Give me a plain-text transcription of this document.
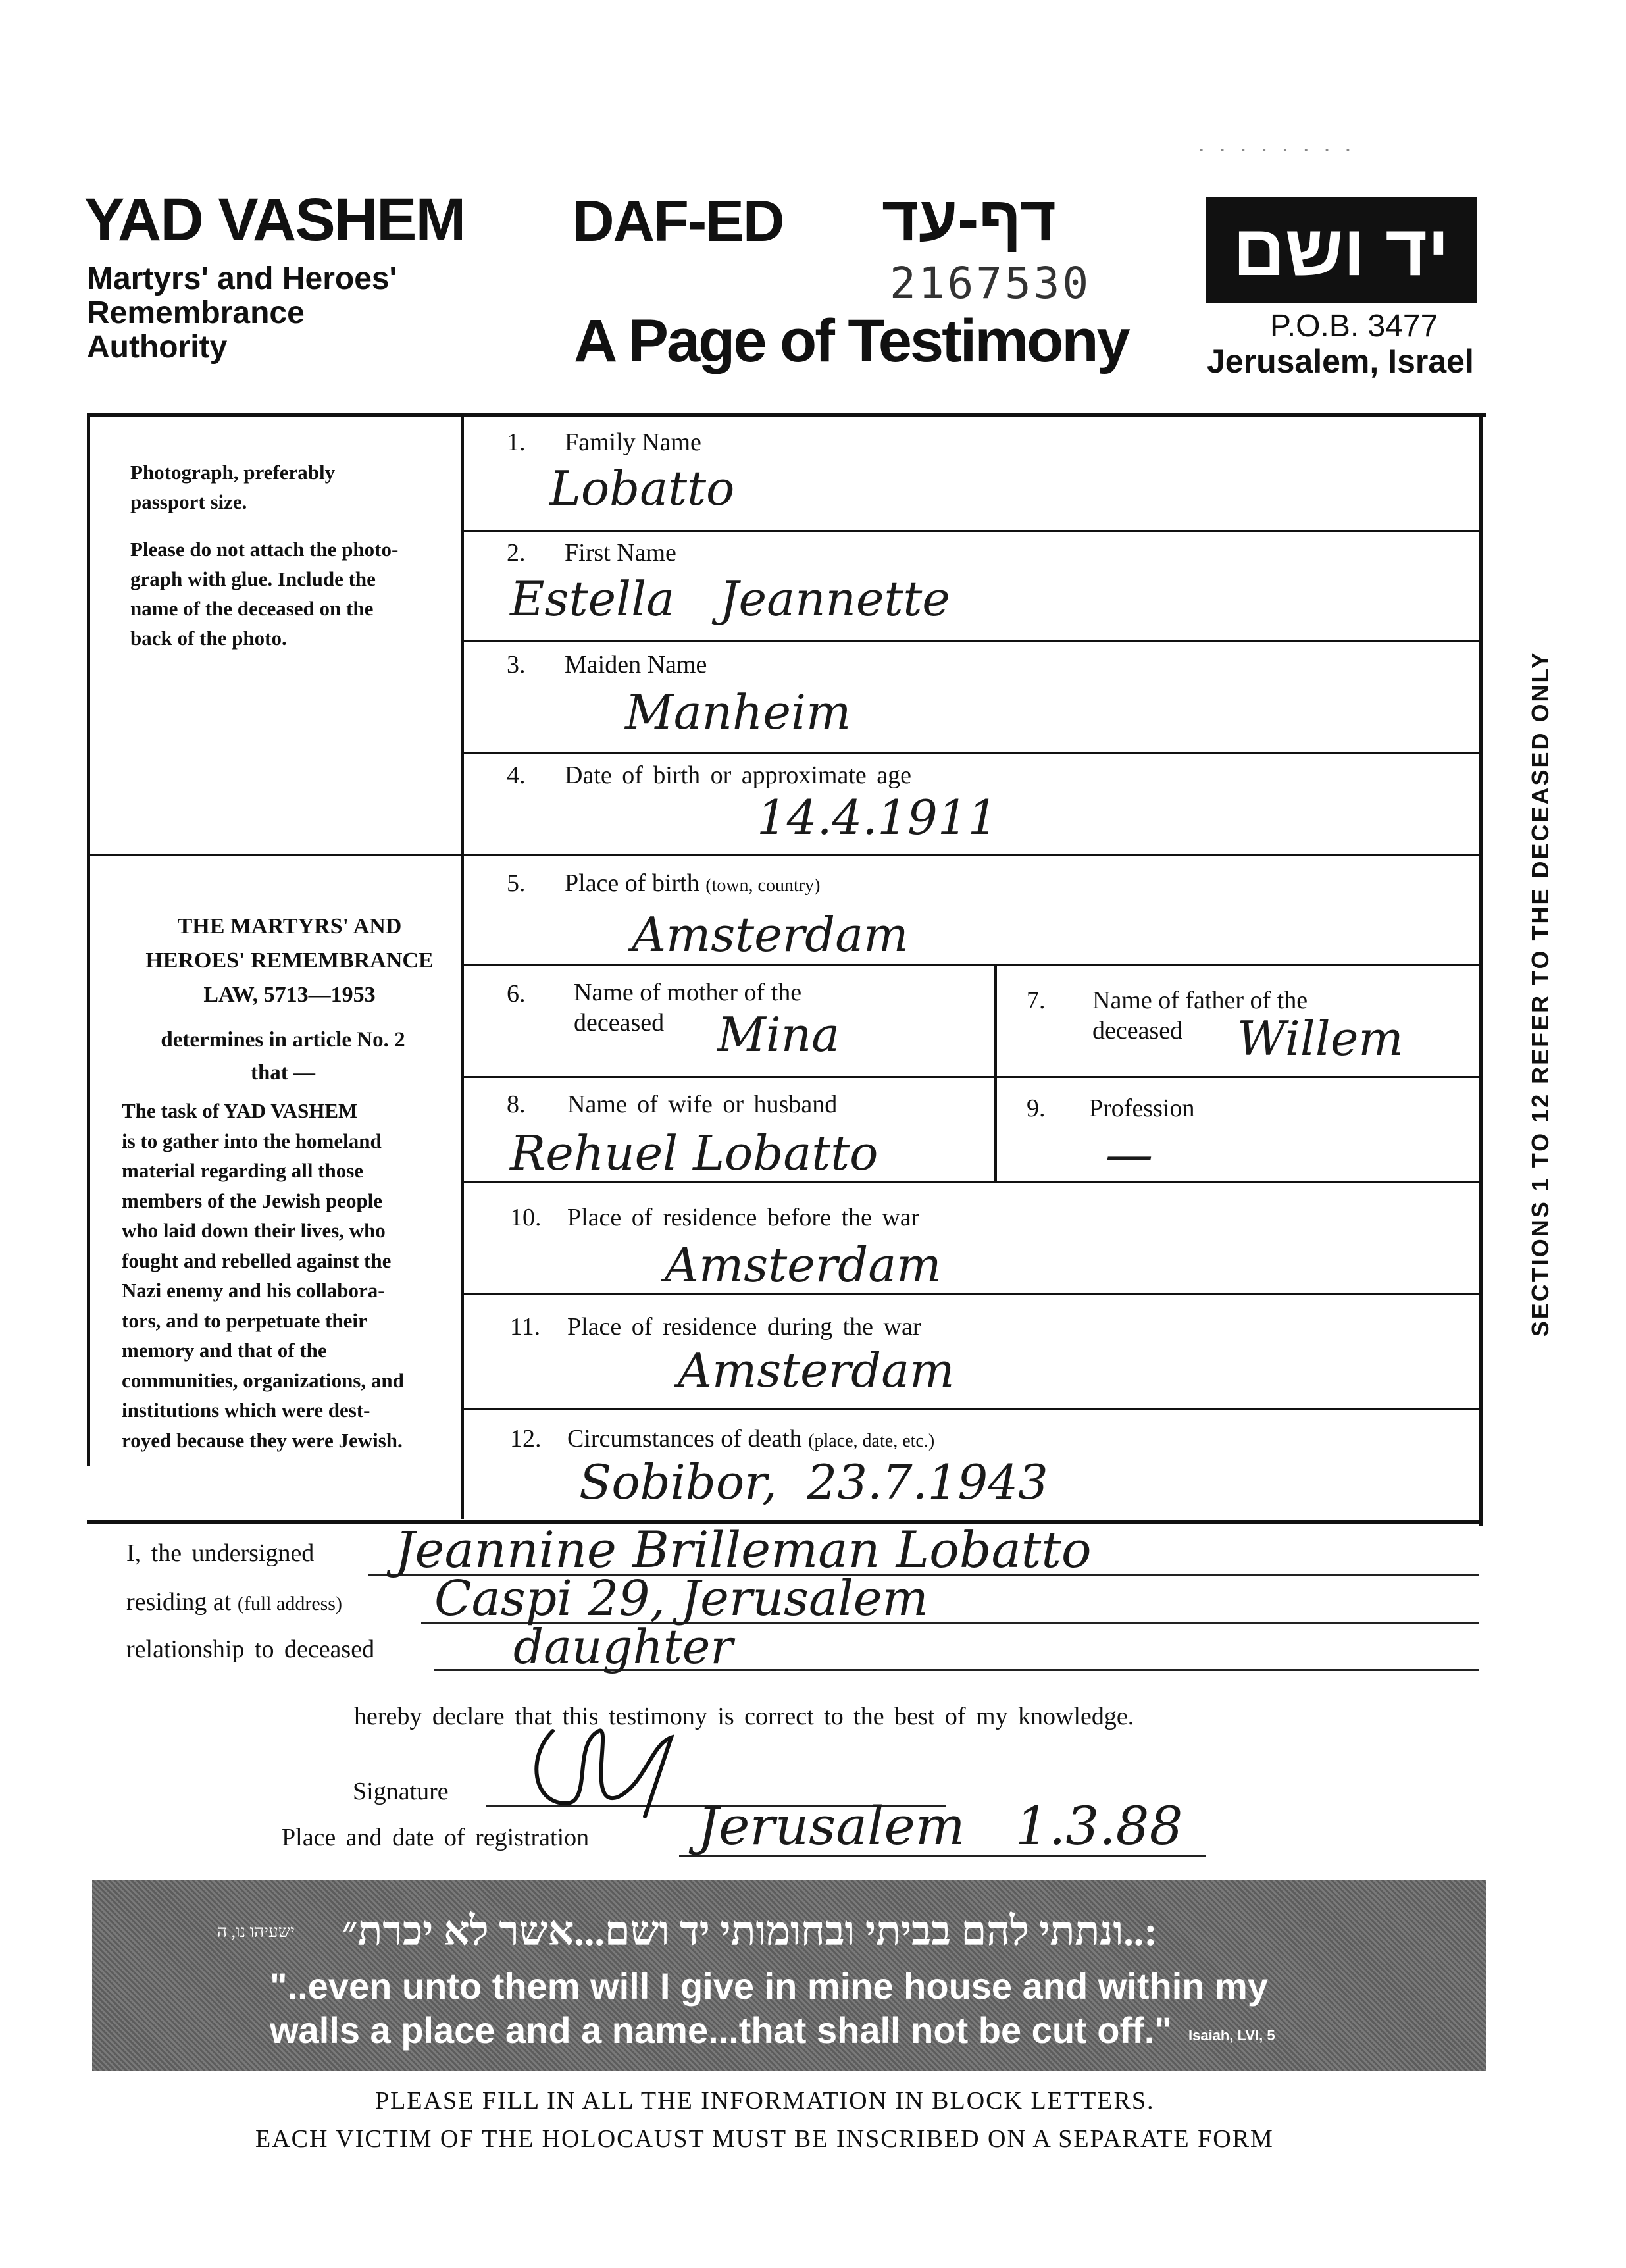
· · · · · · · ·
YAD VASHEM
Martyrs' and Heroes'
Remembrance
Authority
DAF-ED דף-עד
2167530
A Page of Testimony
יד ושם
P.O.B. 3477
Jerusalem, Israel
Photograph, preferably
passport size.
Please do not attach the photo-
graph with glue. Include the
name of the deceased on the
back of the photo.
THE MARTYRS' AND
HEROES' REMEMBRANCE
LAW, 5713—1953
determines in article No. 2
that —
The task of YAD VASHEM
is to gather into the homeland
material regarding all those
members of the Jewish people
who laid down their lives, who
fought and rebelled against the
Nazi enemy and his collabora-
tors, and to perpetuate their
memory and that of the
communities, organizations, and
institutions which were dest-
royed because they were Jewish.
1. Family Name
Lobatto
2. First Name
Estella   Jeannette
3. Maiden Name
Manheim
4. Date of birth or approximate age
14.4.1911
5. Place of birth (town, country)
Amsterdam
6. Name of mother of the
deceased Mina
7. Name of father of the
deceased Willem
8. Name of wife or husband
Rehuel Lobatto
9. Profession
—
10. Place of residence before the war
Amsterdam
11. Place of residence during the war
Amsterdam
12. Circumstances of death (place, date, etc.)
Sobibor,  23.7.1943
SECTIONS 1 TO 12 REFER TO THE DECEASED ONLY
I, the undersigned Jeannine Brilleman Lobatto
residing at (full address) Caspi 29, Jerusalem
relationship to deceased	daughter
hereby declare that this testimony is correct to the best of my knowledge.
Signature
Place and date of registration Jerusalem   1.3.88
:..ונתתי להם בביתי ובחומותי יד ושם...אשר לא יכרת״
ישעיהו נו, ה
"..even unto them will I give in mine house and within my
walls a place and a name...that shall not be cut off." Isaiah, LVI, 5
PLEASE FILL IN ALL THE INFORMATION IN BLOCK LETTERS.
EACH VICTIM OF THE HOLOCAUST MUST BE INSCRIBED ON A SEPARATE FORM
